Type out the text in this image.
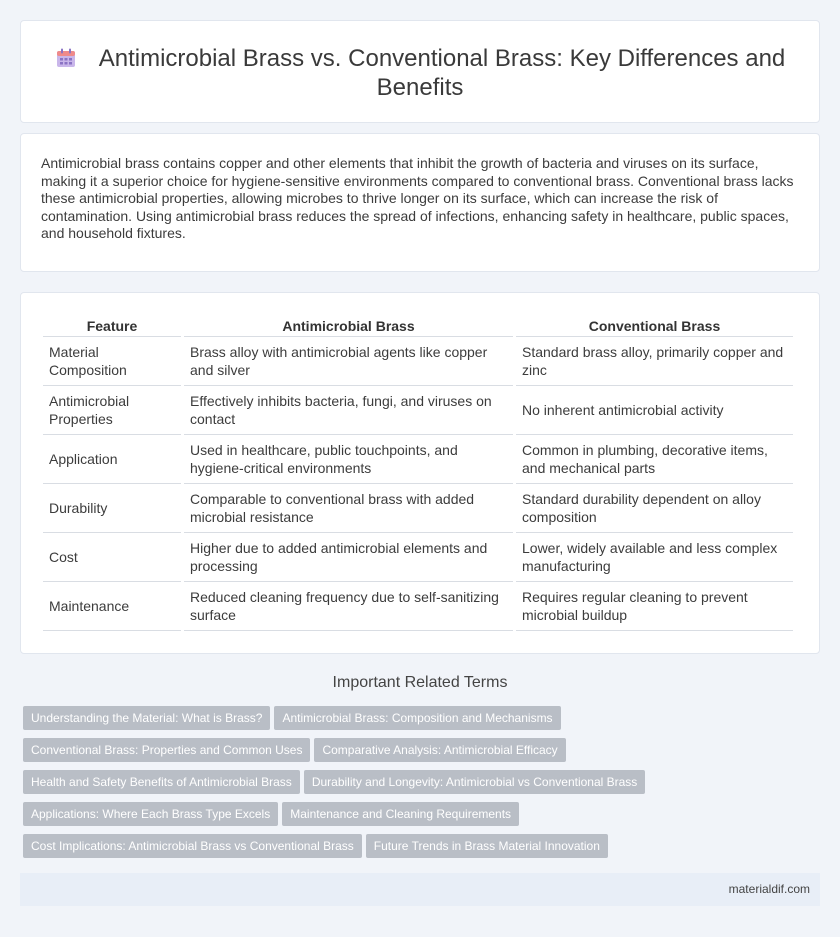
Antimicrobial Brass vs. Conventional Brass: Key Differences and Benefits

Antimicrobial brass contains copper and other elements that inhibit the growth of bacteria and viruses on its surface, making it a superior choice for hygiene-sensitive environments compared to conventional brass. Conventional brass lacks these antimicrobial properties, allowing microbes to thrive longer on its surface, which can increase the risk of contamination. Using antimicrobial brass reduces the spread of infections, enhancing safety in healthcare, public spaces, and household fixtures.

Feature	Antimicrobial Brass	Conventional Brass
Material Composition	Brass alloy with antimicrobial agents like copper and silver	Standard brass alloy, primarily copper and zinc
Antimicrobial Properties	Effectively inhibits bacteria, fungi, and viruses on contact	No inherent antimicrobial activity
Application	Used in healthcare, public touchpoints, and hygiene-critical environments	Common in plumbing, decorative items, and mechanical parts
Durability	Comparable to conventional brass with added microbial resistance	Standard durability dependent on alloy composition
Cost	Higher due to added antimicrobial elements and processing	Lower, widely available and less complex manufacturing
Maintenance	Reduced cleaning frequency due to self-sanitizing surface	Requires regular cleaning to prevent microbial buildup
Important Related Terms
Understanding the Material: What is Brass? Antimicrobial Brass: Composition and Mechanisms
Conventional Brass: Properties and Common Uses Comparative Analysis: Antimicrobial Efficacy
Health and Safety Benefits of Antimicrobial Brass Durability and Longevity: Antimicrobial vs Conventional Brass
Applications: Where Each Brass Type Excels Maintenance and Cleaning Requirements
Cost Implications: Antimicrobial Brass vs Conventional Brass Future Trends in Brass Material Innovation
materialdif.com
